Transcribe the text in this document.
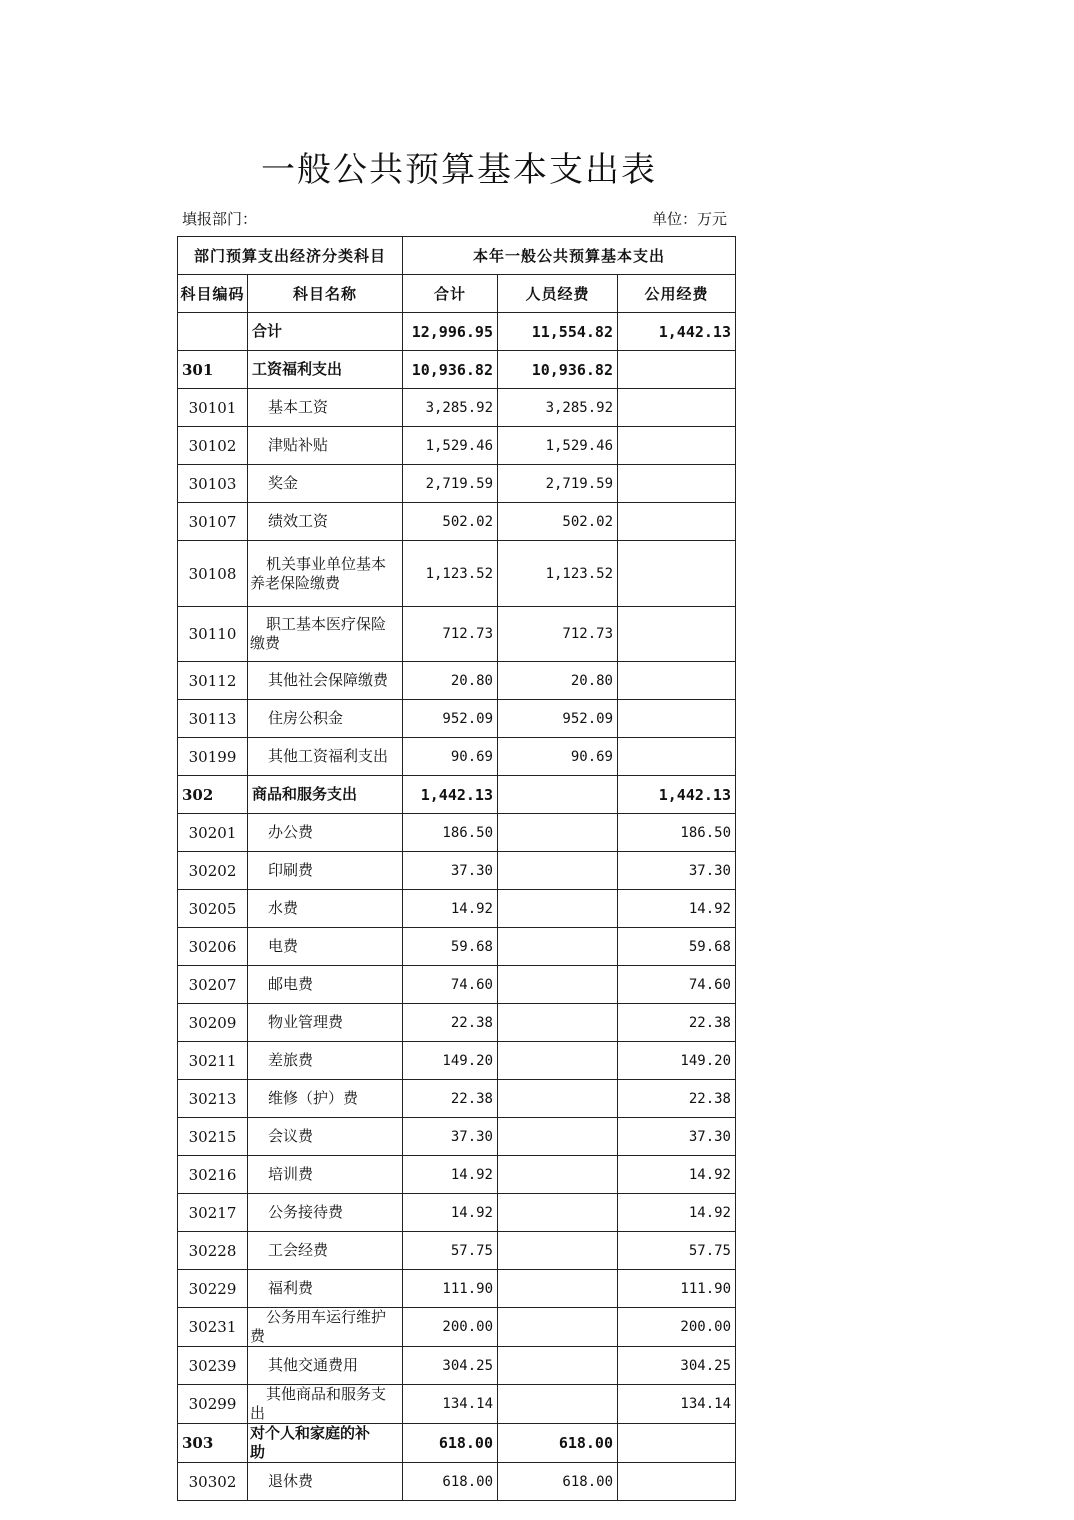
一般公共预算基本支出表
填报部门：	单位：万元
部门预算支出经济分类科目		本年一般公共预算基本支出		
科目编码	科目名称	合计	人员经费	公用经费
	合计	12,996.95	11,554.82	1,442.13
301	工资福利支出	10,936.82	10,936.82	
30101	基本工资	3,285.92	3,285.92	
30102	津贴补贴	1,529.46	1,529.46	
30103	奖金	2,719.59	2,719.59	
30107	绩效工资	502.02	502.02	
30108	机关事业单位基本
养老保险缴费	1,123.52	1,123.52	
30110	职工基本医疗保险
缴费	712.73	712.73	
30112	其他社会保障缴费	20.80	20.80	
30113	住房公积金	952.09	952.09	
30199	其他工资福利支出	90.69	90.69	
302	商品和服务支出	1,442.13		1,442.13
30201	办公费	186.50		186.50
30202	印刷费	37.30		37.30
30205	水费	14.92		14.92
30206	电费	59.68		59.68
30207	邮电费	74.60		74.60
30209	物业管理费	22.38		22.38
30211	差旅费	149.20		149.20
30213	维修（护）费	22.38		22.38
30215	会议费	37.30		37.30
30216	培训费	14.92		14.92
30217	公务接待费	14.92		14.92
30228	工会经费	57.75		57.75
30229	福利费	111.90		111.90
30231	公务用车运行维护
费	200.00		200.00
30239	其他交通费用	304.25		304.25
30299	其他商品和服务支
出	134.14		134.14
303	对个人和家庭的补
助	618.00	618.00	
30302	退休费	618.00	618.00	
